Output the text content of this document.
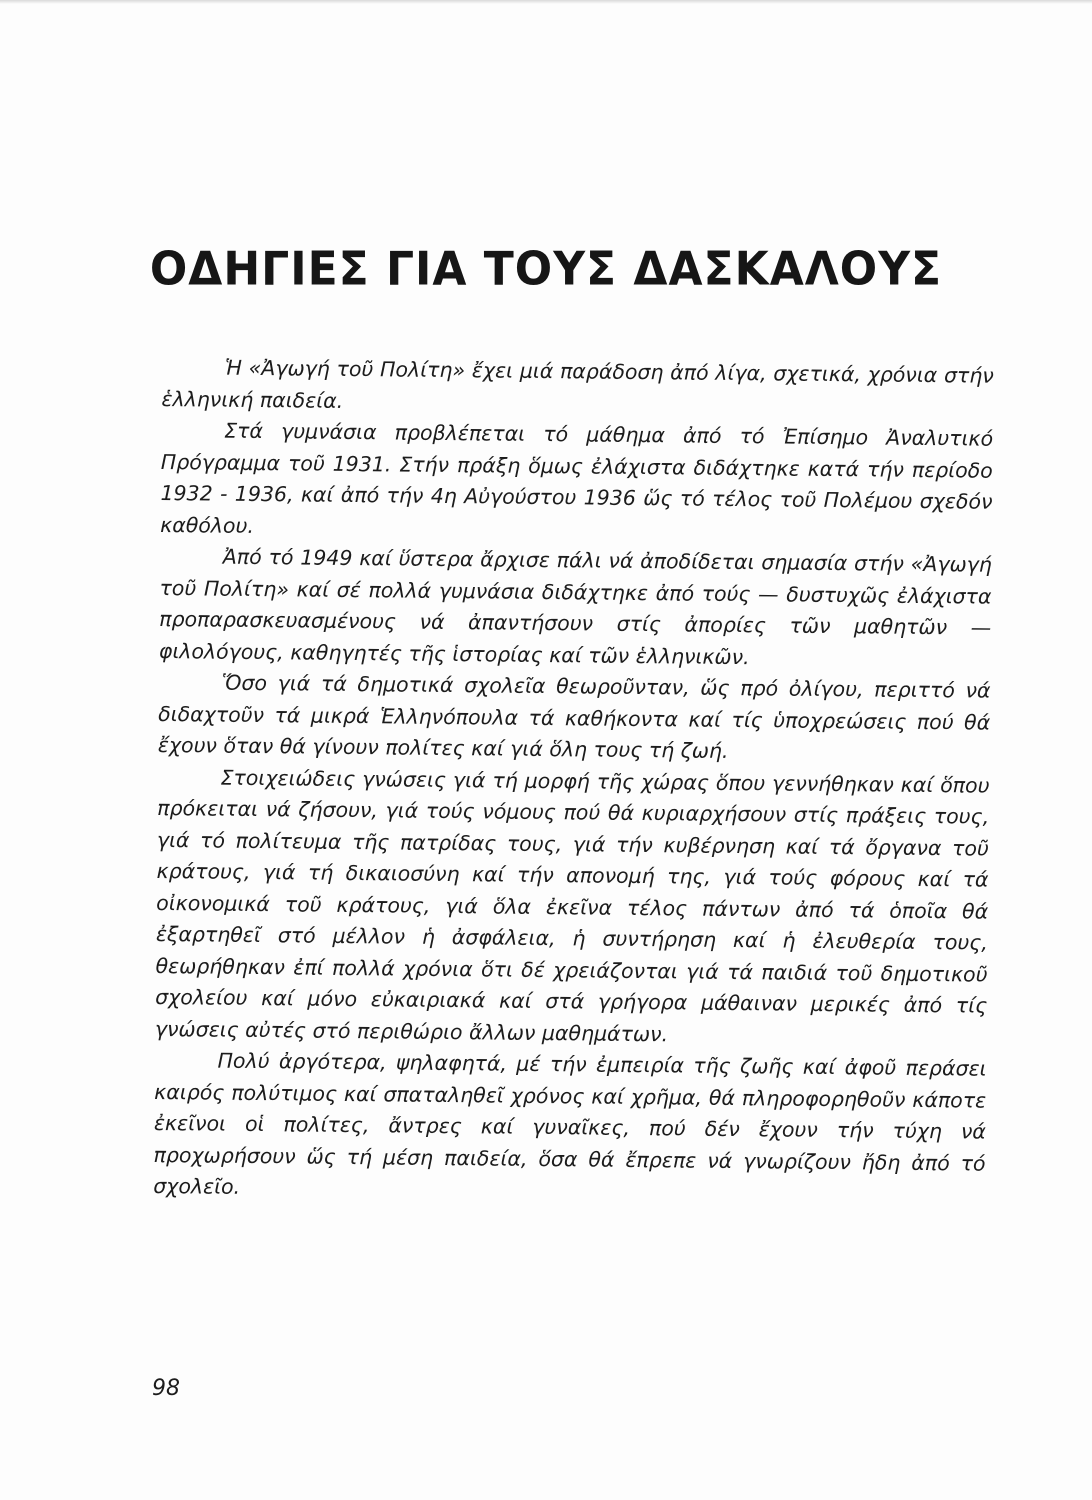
ΟΔΗΓΙΕΣ ΓΙΑ ΤΟΥΣ ΔΑΣΚΑΛΟΥΣ

Ἡ «Ἀγωγή τοῦ Πολίτη» ἔχει μιά παράδοση ἀπό λίγα, σχετικά, χρόνια στήν ἑλληνική παιδεία.

Στά γυμνάσια προβλέπεται τό μάθημα ἀπό τό Ἐπίσημο Ἀναλυτικό Πρόγραμμα τοῦ 1931. Στήν πράξη ὅμως ἐλάχιστα διδάχτηκε κατά τήν περίοδο 1932 - 1936, καί ἀπό τήν 4η Αὐγούστου 1936 ὥς τό τέλος τοῦ Πολέμου σχεδόν καθόλου.

Ἀπό τό 1949 καί ὕστερα ἄρχισε πάλι νά ἀποδίδεται σημασία στήν «Ἀγωγή τοῦ Πολίτη» καί σέ πολλά γυμνάσια διδάχτηκε ἀπό τούς — δυστυχῶς ἐλάχιστα προπαρασκευασμένους νά ἀπαντήσουν στίς ἀπορίες τῶν μαθητῶν — φιλολόγους, καθηγητές τῆς ἱστορίας καί τῶν ἑλληνικῶν.

Ὅσο γιά τά δημοτικά σχολεῖα θεωροῦνταν, ὥς πρό ὀλίγου, περιττό νά διδαχτοῦν τά μικρά Ἑλληνόπουλα τά καθήκοντα καί τίς ὑποχρεώσεις πού θά ἔχουν ὅταν θά γίνουν πολίτες καί γιά ὅλη τους τή ζωή.

Στοιχειώδεις γνώσεις γιά τή μορφή τῆς χώρας ὅπου γεννήθηκαν καί ὅπου πρόκειται νά ζήσουν, γιά τούς νόμους πού θά κυριαρχήσουν στίς πράξεις τους, γιά τό πολίτευμα τῆς πατρίδας τους, γιά τήν κυβέρνηση καί τά ὄργανα τοῦ κράτους, γιά τή δικαιοσύνη καί τήν απονομή της, γιά τούς φόρους καί τά οἰκονομικά τοῦ κράτους, γιά ὅλα ἐκεῖνα τέλος πάντων ἀπό τά ὁποῖα θά ἐξαρτηθεῖ στό μέλλον ἡ ἀσφάλεια, ἡ συντήρηση καί ἡ ἐλευθερία τους, θεωρήθηκαν ἐπί πολλά χρόνια ὅτι δέ χρειάζονται γιά τά παιδιά τοῦ δημοτικοῦ σχολείου καί μόνο εὐκαιριακά καί στά γρήγορα μάθαιναν μερικές ἀπό τίς γνώσεις αὐτές στό περιθώριο ἄλλων μαθημάτων.

Πολύ ἀργότερα, ψηλαφητά, μέ τήν ἐμπειρία τῆς ζωῆς καί ἀφοῦ περάσει καιρός πολύτιμος καί σπαταληθεῖ χρόνος καί χρῆμα, θά πληροφορηθοῦν κάποτε ἐκεῖνοι οἱ πολίτες, ἄντρες καί γυναῖκες, πού δέν ἔχουν τήν τύχη νά προχωρήσουν ὥς τή μέση παιδεία, ὅσα θά ἔπρεπε νά γνωρίζουν ἤδη ἀπό τό σχολεῖο.

98
